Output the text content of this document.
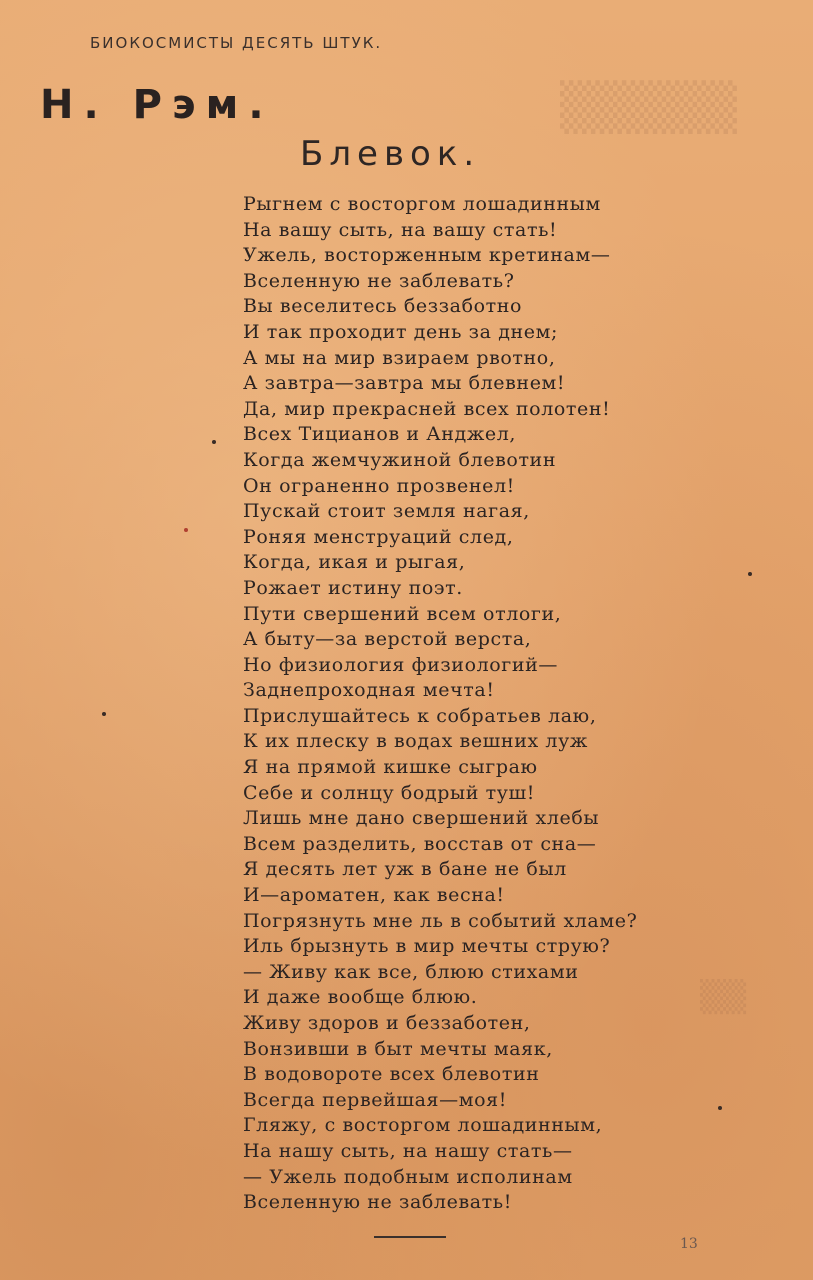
▒▒▒▒▒
▒▒
БИОКОСМИСТЫ ДЕСЯТЬ ШТУК.
Н. Рэм.
Блевок.
Рыгнем с восторгом лошадинным
На вашу сыть, на вашу стать!
Ужель, восторженным кретинам—
Вселенную не заблевать?
Вы веселитесь беззаботно
И так проходит день за днем;
А мы на мир взираем рвотно,
А завтра—завтра мы блевнем!
Да, мир прекрасней всех полотен!
Всех Тицианов и Анджел,
Когда жемчужиной блевотин
Он ограненно прозвенел!
Пускай стоит земля нагая,
Роняя менструаций след,
Когда, икая и рыгая,
Рожает истину поэт.
Пути свершений всем отлоги,
А быту—за верстой верста,
Но физиология физиологий—
Заднепроходная мечта!
Прислушайтесь к собратьев лаю,
К их плеску в водах вешних луж
Я на прямой кишке сыграю
Себе и солнцу бодрый туш!
Лишь мне дано свершений хлебы
Всем разделить, восстав от сна—
Я десять лет уж в бане не был
И—ароматен, как весна!
Погрязнуть мне ль в событий хламе?
Иль брызнуть в мир мечты струю?
— Живу как все, блюю стихами
И даже вообще блюю.
Живу здоров и беззаботен,
Вонзивши в быт мечты маяк,
В водовороте всех блевотин
Всегда первейшая—моя!
Гляжу, с восторгом лошадинным,
На нашу сыть, на нашу стать—
— Ужель подобным исполинам
Вселенную не заблевать!
13
